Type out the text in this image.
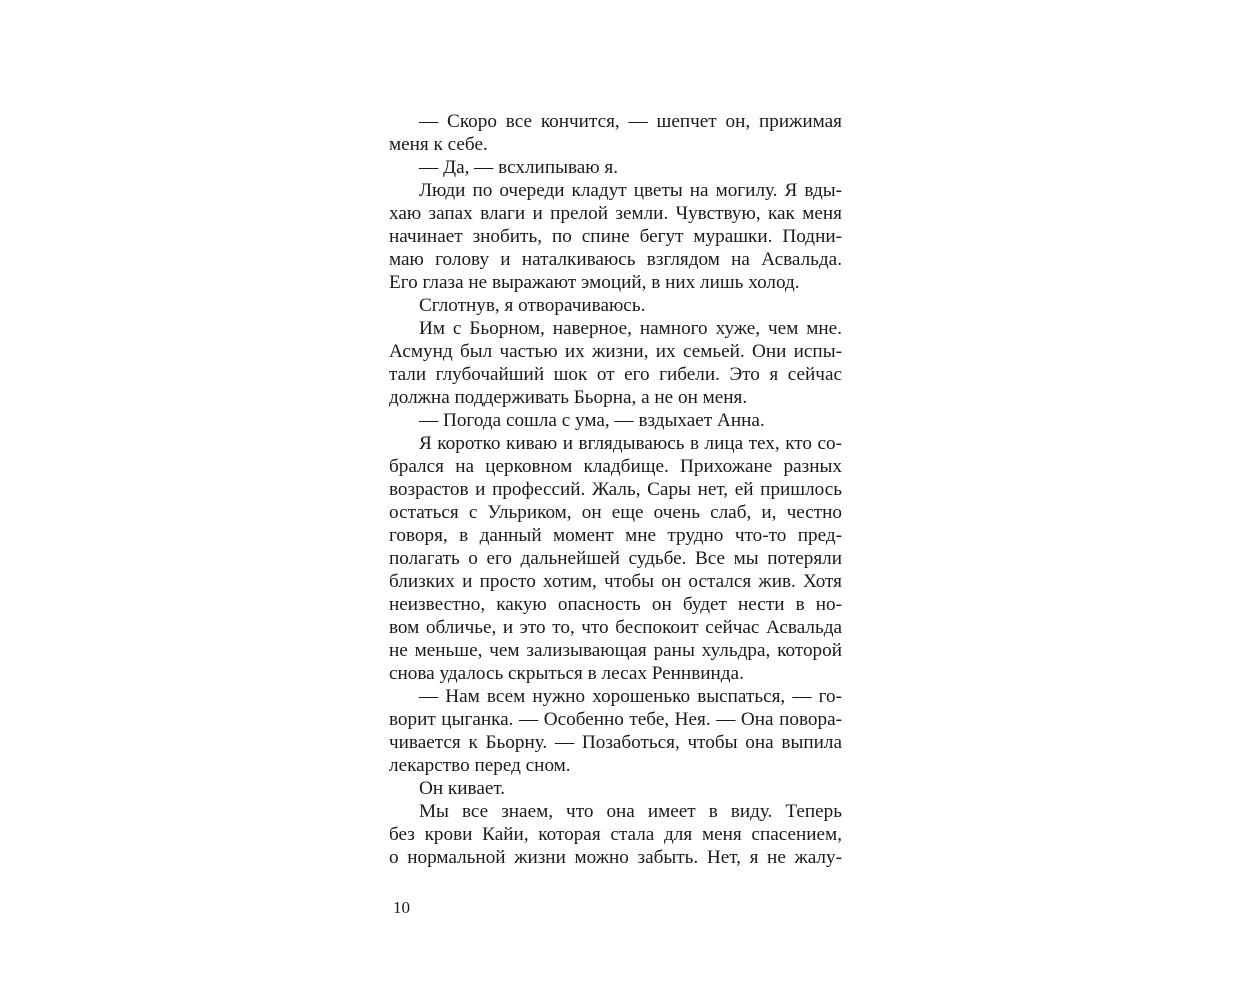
— Скоро все кончится, — шепчет он, прижимая
меня к себе.
— Да, — всхлипываю я.
Люди по очереди кладут цветы на могилу. Я вды-
хаю запах влаги и прелой земли. Чувствую, как меня
начинает знобить, по спине бегут мурашки. Подни-
маю голову и наталкиваюсь взглядом на Асвальда.
Его глаза не выражают эмоций, в них лишь холод.
Сглотнув, я отворачиваюсь.
Им с Бьорном, наверное, намного хуже, чем мне.
Асмунд был частью их жизни, их семьей. Они испы-
тали глубочайший шок от его гибели. Это я сейчас
должна поддерживать Бьорна, а не он меня.
— Погода сошла с ума, — вздыхает Анна.
Я коротко киваю и вглядываюсь в лица тех, кто со-
брался на церковном кладбище. Прихожане разных
возрастов и профессий. Жаль, Сары нет, ей пришлось
остаться с Ульриком, он еще очень слаб, и, честно
говоря, в данный момент мне трудно что-то пред-
полагать о его дальнейшей судьбе. Все мы потеряли
близких и просто хотим, чтобы он остался жив. Хотя
неизвестно, какую опасность он будет нести в но-
вом обличье, и это то, что беспокоит сейчас Асвальда
не меньше, чем зализывающая раны хульдра, которой
снова удалось скрыться в лесах Реннвинда.
— Нам всем нужно хорошенько выспаться, — го-
ворит цыганка. — Особенно тебе, Нея. — Она повора-
чивается к Бьорну. — Позаботься, чтобы она выпила
лекарство перед сном.
Он кивает.
Мы все знаем, что она имеет в виду. Теперь
без крови Кайи, которая стала для меня спасением,
о нормальной жизни можно забыть. Нет, я не жалу-
10
